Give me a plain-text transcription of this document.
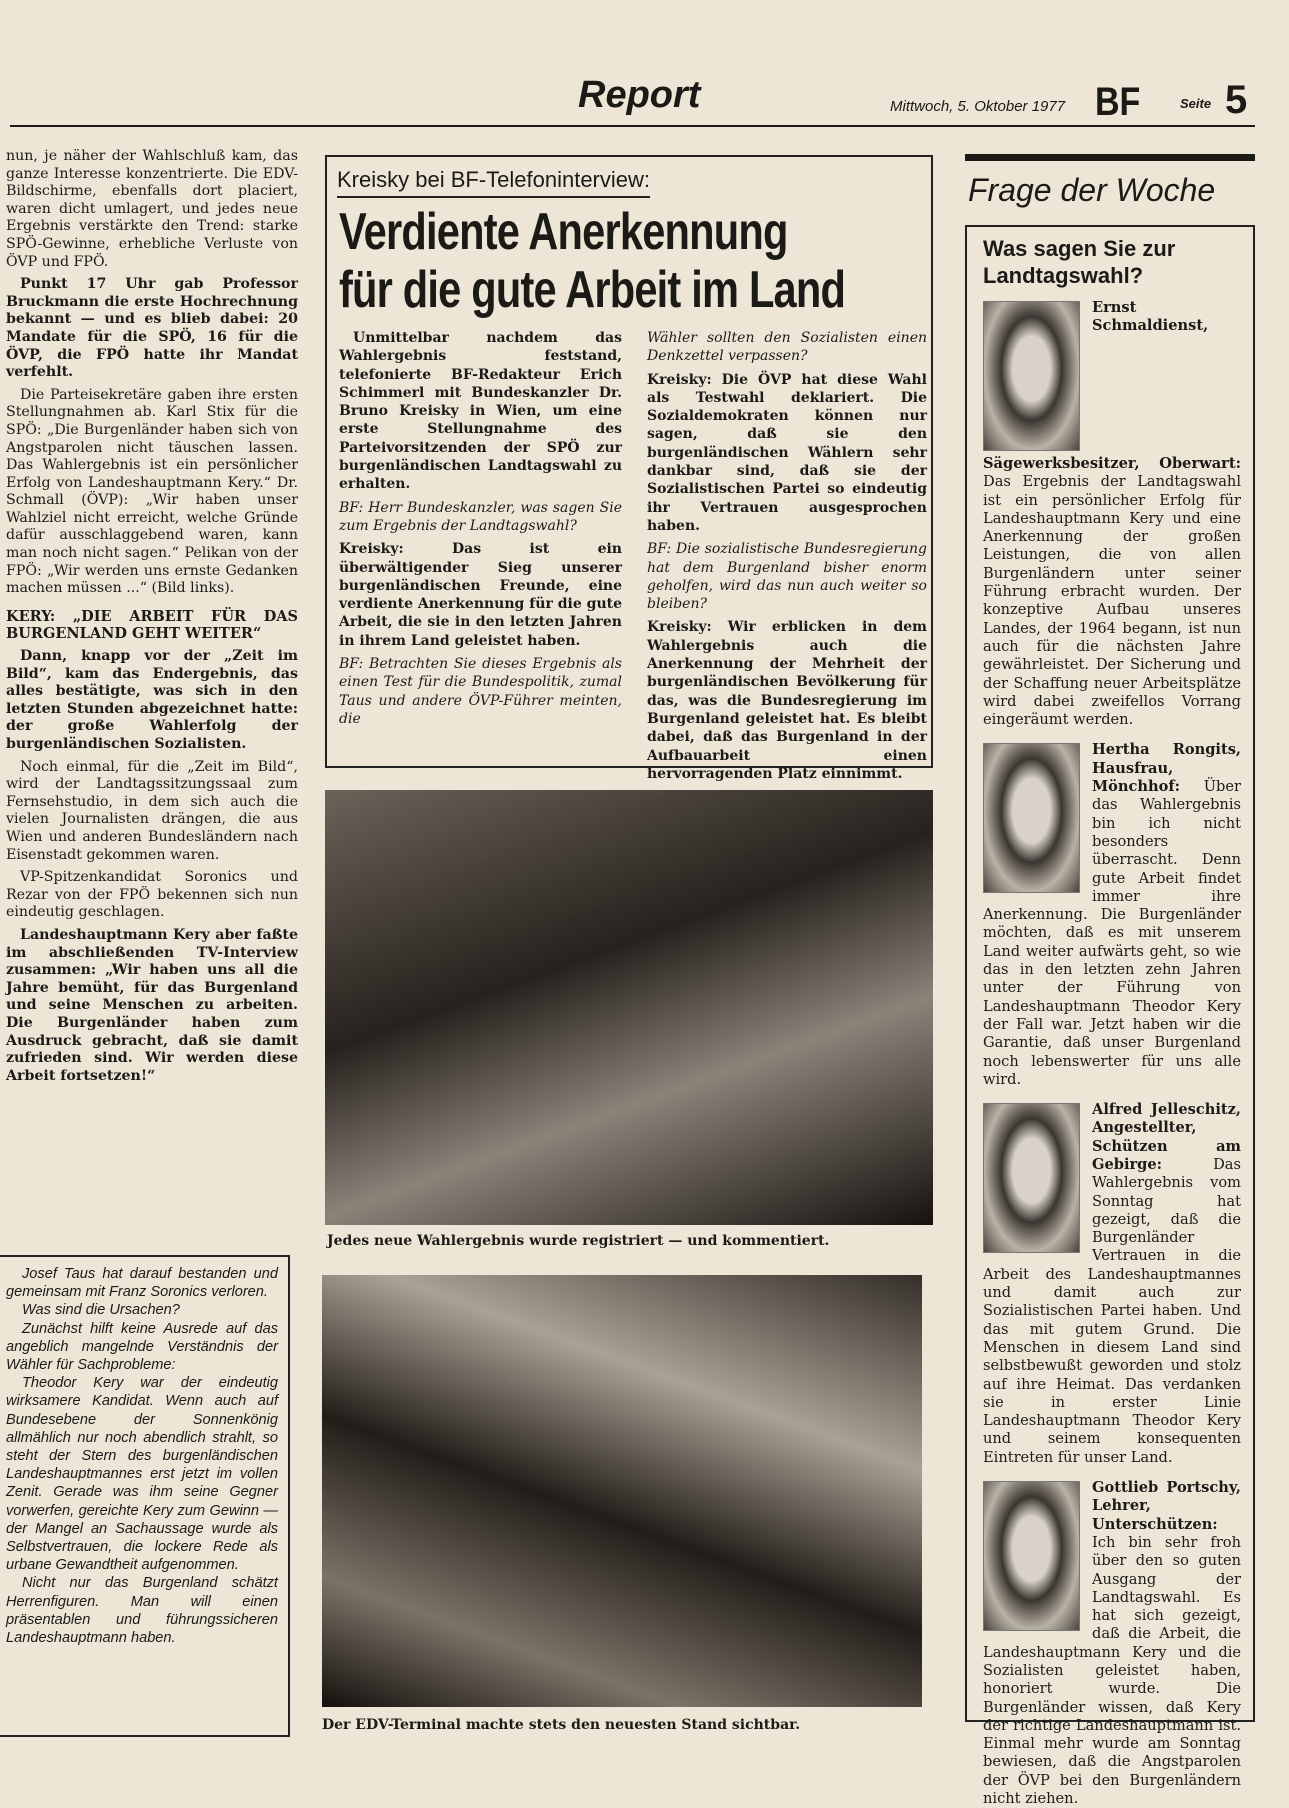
Report	Mittwoch, 5. Oktober 1977 BF	Seite 5

nun, je näher der Wahlschluß kam, das ganze Interesse konzentrierte. Die EDV-Bildschirme, ebenfalls dort placiert, waren dicht umlagert, und jedes neue Ergebnis verstärkte den Trend: starke SPÖ-Gewinne, erhebliche Verluste von ÖVP und FPÖ.

Punkt 17 Uhr gab Professor Bruckmann die erste Hochrechnung bekannt — und es blieb dabei: 20 Mandate für die SPÖ, 16 für die ÖVP, die FPÖ hatte ihr Mandat verfehlt.

Die Parteisekretäre gaben ihre ersten Stellungnahmen ab. Karl Stix für die SPÖ: „Die Burgenländer haben sich von Angstparolen nicht täuschen lassen. Das Wahlergebnis ist ein persönlicher Erfolg von Landeshauptmann Kery.“ Dr. Schmall (ÖVP): „Wir haben unser Wahlziel nicht erreicht, welche Gründe dafür ausschlaggebend waren, kann man noch nicht sagen.“ Pelikan von der FPÖ: „Wir werden uns ernste Gedanken machen müssen ...“ (Bild links).

KERY: „DIE ARBEIT FÜR DAS BURGENLAND GEHT WEITER“

Dann, knapp vor der „Zeit im Bild“, kam das Endergebnis, das alles bestätigte, was sich in den letzten Stunden abgezeichnet hatte: der große Wahlerfolg der burgenländischen Sozialisten.

Noch einmal, für die „Zeit im Bild“, wird der Landtagssitzungssaal zum Fernsehstudio, in dem sich auch die vielen Journalisten drängen, die aus Wien und anderen Bundesländern nach Eisenstadt gekommen waren.

VP-Spitzenkandidat Soronics und Rezar von der FPÖ bekennen sich nun eindeutig geschlagen.

Landeshauptmann Kery aber faßte im abschließenden TV-Interview zusammen: „Wir haben uns all die Jahre bemüht, für das Burgenland und seine Menschen zu arbeiten. Die Burgenländer haben zum Ausdruck gebracht, daß sie damit zufrieden sind. Wir werden diese Arbeit fortsetzen!“

Josef Taus hat darauf bestanden und gemeinsam mit Franz Soronics verloren.

Was sind die Ursachen?

Zunächst hilft keine Ausrede auf das angeblich mangelnde Verständnis der Wähler für Sachprobleme:

Theodor Kery war der eindeutig wirksamere Kandidat. Wenn auch auf Bundesebene der Sonnenkönig allmählich nur noch abendlich strahlt, so steht der Stern des burgenländischen Landeshauptmannes erst jetzt im vollen Zenit. Gerade was ihm seine Gegner vorwerfen, gereichte Kery zum Gewinn — der Mangel an Sachaussage wurde als Selbstvertrauen, die lockere Rede als urbane Gewandtheit aufgenommen.

Nicht nur das Burgenland schätzt Herrenfiguren. Man will einen präsentablen und führungssicheren Landeshauptmann haben.

Kreisky bei BF-Telefoninterview:
Verdiente Anerkennung
für die gute Arbeit im Land

Unmittelbar nachdem das Wahlergebnis feststand, telefonierte BF-Redakteur Erich Schimmerl mit Bundeskanzler Dr. Bruno Kreisky in Wien, um eine erste Stellungnahme des Parteivorsitzenden der SPÖ zur burgenländischen Landtagswahl zu erhalten.

BF: Herr Bundeskanzler, was sagen Sie zum Ergebnis der Landtagswahl?

Kreisky: Das ist ein überwältigender Sieg unserer burgenländischen Freunde, eine verdiente Anerkennung für die gute Arbeit, die sie in den letzten Jahren in ihrem Land geleistet haben.

BF: Betrachten Sie dieses Ergebnis als einen Test für die Bundespolitik, zumal Taus und andere ÖVP-Führer meinten, die

Wähler sollten den Sozialisten einen Denkzettel verpassen?

Kreisky: Die ÖVP hat diese Wahl als Testwahl deklariert. Die Sozialdemokraten können nur sagen, daß sie den burgenländischen Wählern sehr dankbar sind, daß sie der Sozialistischen Partei so eindeutig ihr Vertrauen ausgesprochen haben.

BF: Die sozialistische Bundesregierung hat dem Burgenland bisher enorm geholfen, wird das nun auch weiter so bleiben?

Kreisky: Wir erblicken in dem Wahlergebnis auch die Anerkennung der Mehrheit der burgenländischen Bevölkerung für das, was die Bundesregierung im Burgenland geleistet hat. Es bleibt dabei, daß das Burgenland in der Aufbauarbeit einen hervorragenden Platz einnimmt.

Jedes neue Wahlergebnis wurde registriert — und kommentiert.
Der EDV-Terminal machte stets den neuesten Stand sichtbar.
Frage der Woche
Was sagen Sie zur Landtagswahl?
Ernst Schmaldienst, Sägewerksbesitzer, Oberwart: Das Ergebnis der Landtagswahl ist ein persönlicher Erfolg für Landeshauptmann Kery und eine Anerkennung der großen Leistungen, die von allen Burgenländern unter seiner Führung erbracht wurden. Der konzeptive Aufbau unseres Landes, der 1964 begann, ist nun auch für die nächsten Jahre gewährleistet. Der Sicherung und der Schaffung neuer Arbeitsplätze wird dabei zweifellos Vorrang eingeräumt werden.
Hertha Rongits, Hausfrau, Mönchhof: Über das Wahlergebnis bin ich nicht besonders überrascht. Denn gute Arbeit findet immer ihre Anerkennung. Die Burgenländer möchten, daß es mit unserem Land weiter aufwärts geht, so wie das in den letzten zehn Jahren unter der Führung von Landeshauptmann Theodor Kery der Fall war. Jetzt haben wir die Garantie, daß unser Burgenland noch lebenswerter für uns alle wird.
Alfred Jelleschitz, Angestellter, Schützen am Gebirge:	Das Wahlergebnis vom Sonntag hat gezeigt, daß die Burgenländer Vertrauen in die Arbeit des Landeshauptmannes und damit auch zur Sozialistischen Partei haben. Und das mit gutem Grund. Die Menschen in diesem Land sind selbstbewußt geworden und stolz auf ihre Heimat. Das verdanken sie in erster Linie Landeshauptmann Theodor Kery und seinem konsequenten Eintreten für unser Land.
Gottlieb Portschy, Lehrer, Unterschützen: Ich bin sehr froh über den so guten Ausgang der Landtagswahl. Es hat sich gezeigt, daß die Arbeit, die Landeshauptmann Kery und die Sozialisten geleistet haben, honoriert wurde. Die Burgenländer wissen, daß Kery der richtige Landeshauptmann ist. Einmal mehr wurde am Sonntag bewiesen, daß die Angstparolen der ÖVP bei den Burgenländern nicht ziehen.
